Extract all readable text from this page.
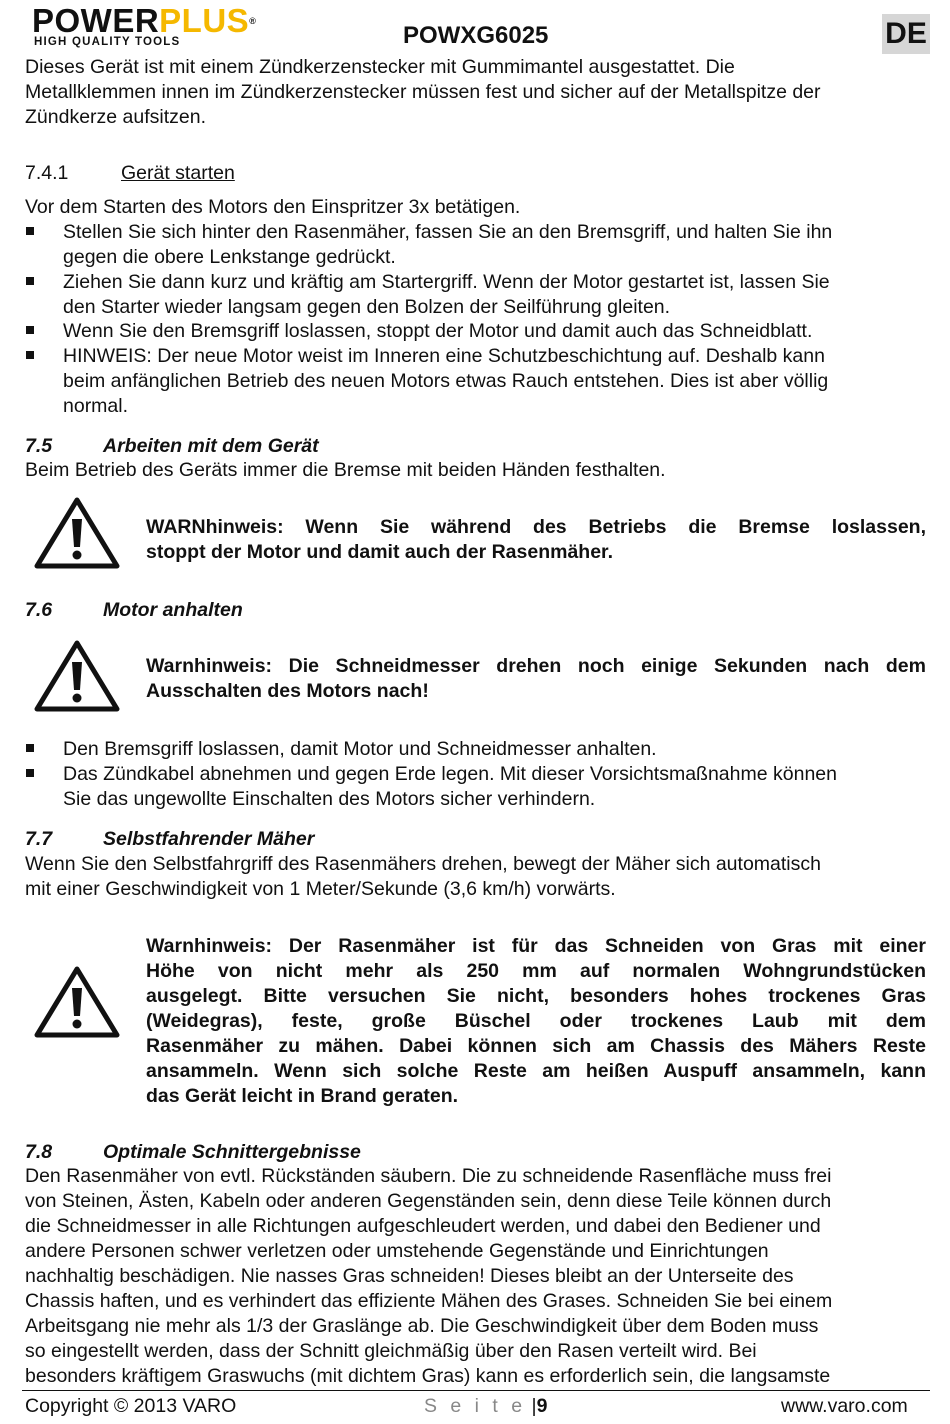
POWERPLUS®
HIGH QUALITY TOOLS	POWXG6025	DE
Dieses Gerät ist mit einem Zündkerzenstecker mit Gummimantel ausgestattet. Die
Metallklemmen innen im Zündkerzenstecker müssen fest und sicher auf der Metallspitze der
Zündkerze aufsitzen.
7.4.1	Gerät starten
Vor dem Starten des Motors den Einspritzer 3x betätigen.
Stellen Sie sich hinter den Rasenmäher, fassen Sie an den Bremsgriff, und halten Sie ihn
gegen die obere Lenkstange gedrückt.
Ziehen Sie dann kurz und kräftig am Startergriff. Wenn der Motor gestartet ist, lassen Sie
den Starter wieder langsam gegen den Bolzen der Seilführung gleiten.
Wenn Sie den Bremsgriff loslassen, stoppt der Motor und damit auch das Schneidblatt.
HINWEIS: Der neue Motor weist im Inneren eine Schutzbeschichtung auf. Deshalb kann
beim anfänglichen Betrieb des neuen Motors etwas Rauch entstehen. Dies ist aber völlig
normal.
7.5	Arbeiten mit dem Gerät
Beim Betrieb des Geräts immer die Bremse mit beiden Händen festhalten.
WARNhinweis: Wenn Sie während des Betriebs die Bremse loslassen,
stoppt der Motor und damit auch der Rasenmäher.
7.6	Motor anhalten
Warnhinweis: Die Schneidmesser drehen noch einige Sekunden nach dem
Ausschalten des Motors nach!
Den Bremsgriff loslassen, damit Motor und Schneidmesser anhalten.
Das Zündkabel abnehmen und gegen Erde legen. Mit dieser Vorsichtsmaßnahme können
Sie das ungewollte Einschalten des Motors sicher verhindern.
7.7	Selbstfahrender Mäher
Wenn Sie den Selbstfahrgriff des Rasenmähers drehen, bewegt der Mäher sich automatisch
mit einer Geschwindigkeit von 1 Meter/Sekunde (3,6 km/h) vorwärts.
Warnhinweis: Der Rasenmäher ist für das Schneiden von Gras mit einer
Höhe von nicht mehr als 250 mm auf normalen Wohngrundstücken
ausgelegt. Bitte versuchen Sie nicht, besonders hohes trockenes Gras
(Weidegras), feste, große Büschel oder trockenes Laub mit dem
Rasenmäher zu mähen. Dabei können sich am Chassis des Mähers Reste
ansammeln. Wenn sich solche Reste am heißen Auspuff ansammeln, kann
das Gerät leicht in Brand geraten.
7.8	Optimale Schnittergebnisse
Den Rasenmäher von evtl. Rückständen säubern. Die zu schneidende Rasenfläche muss frei
von Steinen, Ästen, Kabeln oder anderen Gegenständen sein, denn diese Teile können durch
die Schneidmesser in alle Richtungen aufgeschleudert werden, und dabei den Bediener und
andere Personen schwer verletzen oder umstehende Gegenstände und Einrichtungen
nachhaltig beschädigen. Nie nasses Gras schneiden! Dieses bleibt an der Unterseite des
Chassis haften, und es verhindert das effiziente Mähen des Grases. Schneiden Sie bei einem
Arbeitsgang nie mehr als 1/3 der Graslänge ab. Die Geschwindigkeit über dem Boden muss
so eingestellt werden, dass der Schnitt gleichmäßig über den Rasen verteilt wird. Bei
besonders kräftigem Graswuchs (mit dichtem Gras) kann es erforderlich sein, die langsamste
Copyright © 2013 VARO	S e i t e |9	www.varo.com
